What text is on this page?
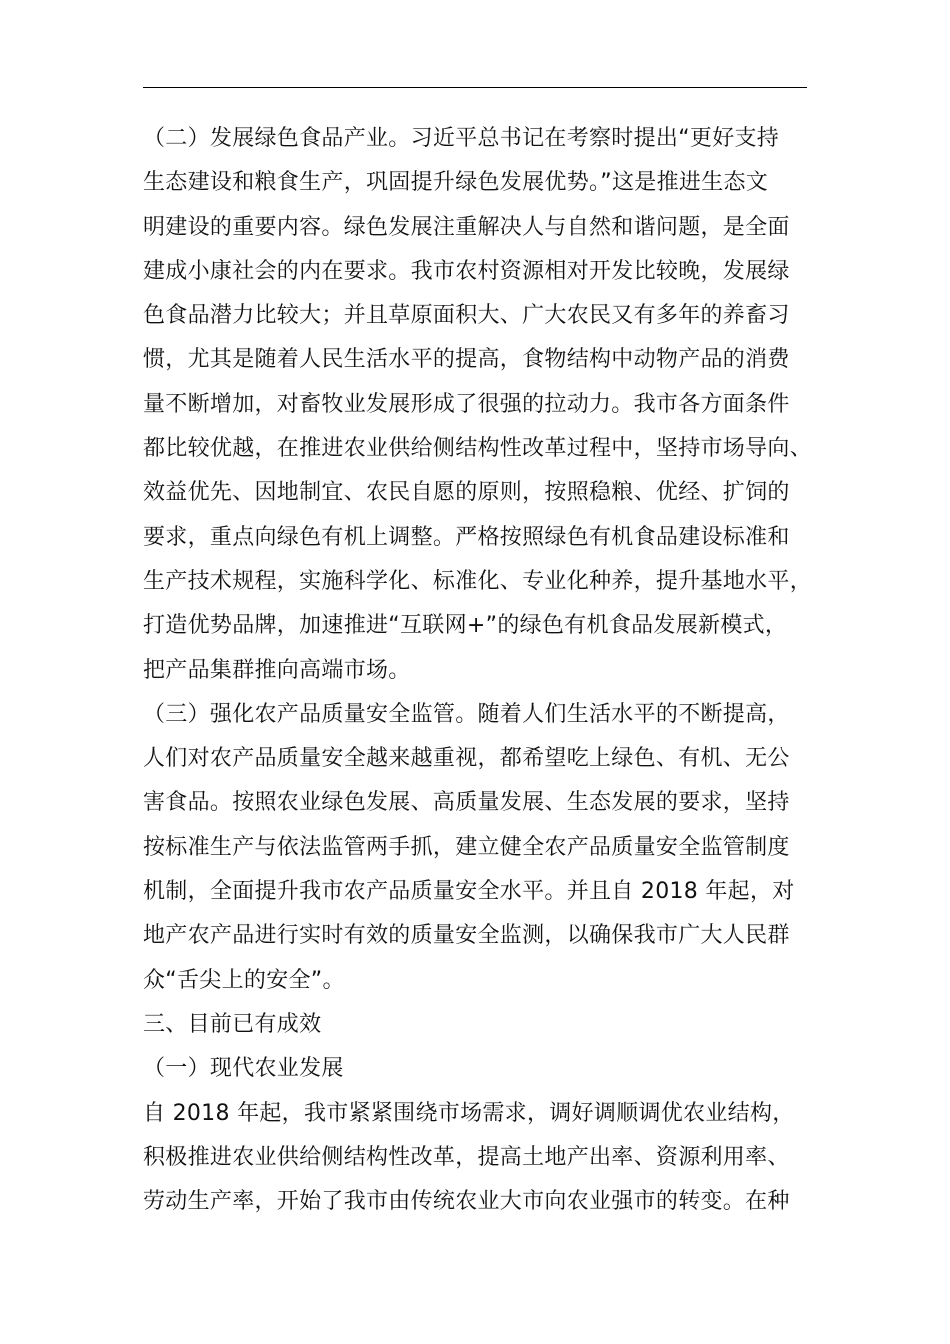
（二）发展绿色食品产业。习近平总书记在考察时提出“更好支持
生态建设和粮食生产，巩固提升绿色发展优势。”这是推进生态文
明建设的重要内容。绿色发展注重解决人与自然和谐问题，是全面
建成小康社会的内在要求。我市农村资源相对开发比较晚，发展绿
色食品潜力比较大；并且草原面积大、广大农民又有多年的养畜习
惯，尤其是随着人民生活水平的提高，食物结构中动物产品的消费
量不断增加，对畜牧业发展形成了很强的拉动力。我市各方面条件
都比较优越，在推进农业供给侧结构性改革过程中，坚持市场导向、
效益优先、因地制宜、农民自愿的原则，按照稳粮、优经、扩饲的
要求，重点向绿色有机上调整。严格按照绿色有机食品建设标准和
生产技术规程，实施科学化、标准化、专业化种养，提升基地水平，
打造优势品牌，加速推进“互联网+”的绿色有机食品发展新模式，
把产品集群推向高端市场。
（三）强化农产品质量安全监管。随着人们生活水平的不断提高，
人们对农产品质量安全越来越重视，都希望吃上绿色、有机、无公
害食品。按照农业绿色发展、高质量发展、生态发展的要求，坚持
按标准生产与依法监管两手抓，建立健全农产品质量安全监管制度
机制，全面提升我市农产品质量安全水平。并且自 2018 年起，对
地产农产品进行实时有效的质量安全监测，以确保我市广大人民群
众“舌尖上的安全”。
三、目前已有成效
（一）现代农业发展
自 2018 年起，我市紧紧围绕市场需求，调好调顺调优农业结构，
积极推进农业供给侧结构性改革，提高土地产出率、资源利用率、
劳动生产率，开始了我市由传统农业大市向农业强市的转变。在种
